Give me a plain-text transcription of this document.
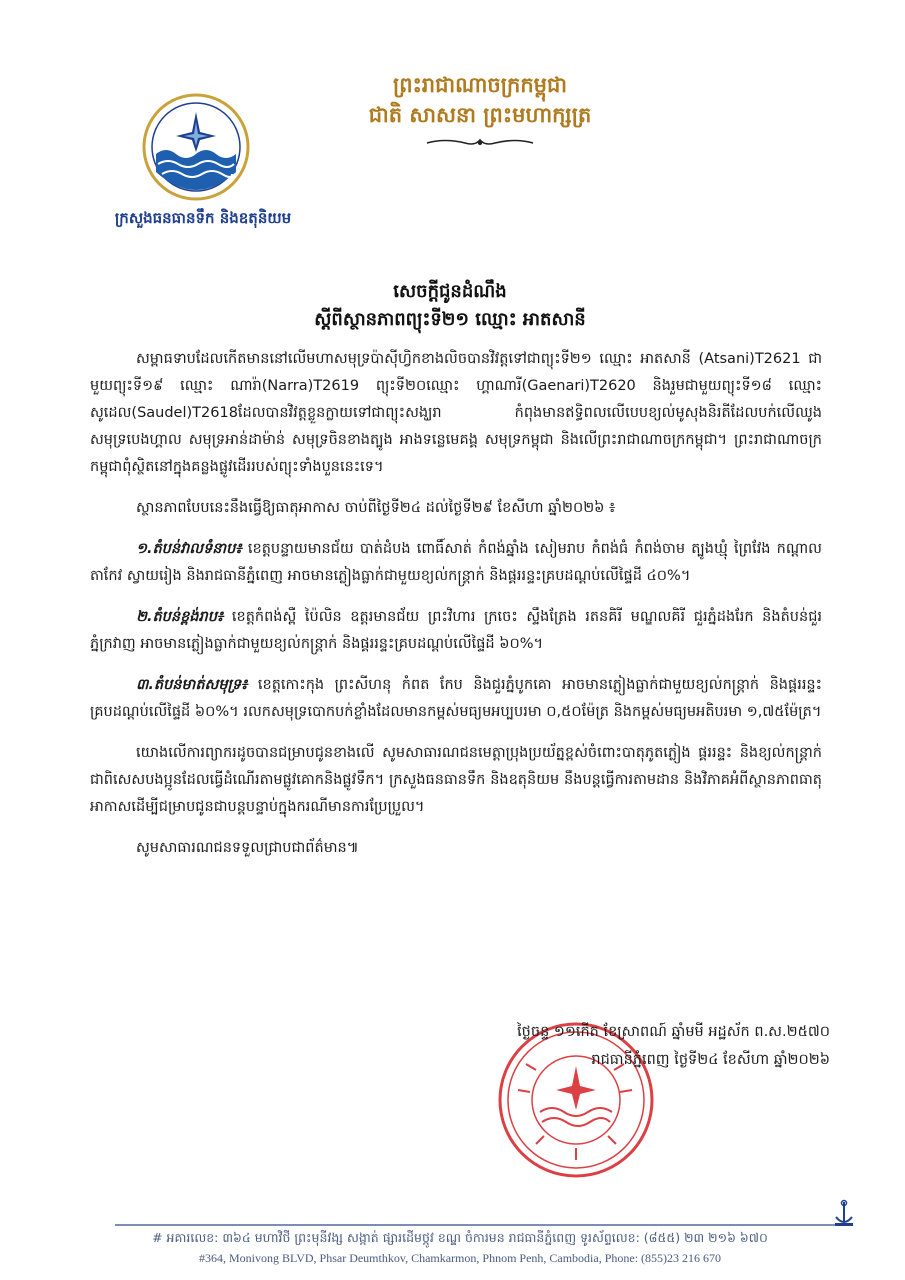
ក្រសួងធនធានទឹក និងឧតុនិយម
ព្រះរាជាណាចក្រកម្ពុជា
ជាតិ សាសនា ព្រះមហាក្សត្រ
សេចក្តីជូនដំណឹង
ស្តីពីស្ថានភាពព្យុះទី២១ ឈ្មោះ អាតសានី

សម្ពាធទាបដែលកើតមាននៅលើមហាសមុទ្រប៉ាស៊ីហ្វិកខាងលិចបានវិវត្តទៅជាព្យុះទី២១ ឈ្មោះ អាតសានី (Atsani)T2621 ជាមួយព្យុះទី១៩ ឈ្មោះ ណារ៉ា(Narra)T2619 ព្យុះទី២០ឈ្មោះ ហ្គាណារី(Gaenari)T2620 និងរួមជាមួយព្យុះទី១៨ ឈ្មោះ សូដេល(Saudel)T2618ដែលបានវិវត្តខ្លួនក្លាយទៅជាព្យុះសង្ឃរា កំពុងមានឥទ្ធិពលលើបេបខ្យល់មូសុងនិរតីដែលបក់លើឈូងសមុទ្របេងហ្គាល សមុទ្រអាន់ដាម៉ាន់ សមុទ្រចិនខាងត្បូង អាងទន្លេមេគង្គ សមុទ្រកម្ពុជា និងលើព្រះរាជាណាចក្រកម្ពុជា។ ព្រះរាជាណាចក្រកម្ពុជាពុំស្ថិតនៅក្នុងគន្លងផ្លូវដើររបស់ព្យុះទាំងបួននេះទេ។

ស្ថានភាពបែបនេះនឹងធ្វើឱ្យធាតុអាកាស ចាប់ពីថ្ងៃទី២៤ ដល់ថ្ងៃទី២៩ ខែសីហា ឆ្នាំ២០២៦ ៖

១.តំបន់វាលទំនាប៖ ខេត្តបន្ទាយមានជ័យ បាត់ដំបង ពោធិ៍សាត់ កំពង់ឆ្នាំង សៀមរាប កំពង់ធំ កំពង់ចាម ត្បូងឃ្មុំ ព្រៃវែង កណ្តាល តាកែវ ស្វាយរៀង និងរាជធានីភ្នំពេញ អាចមានភ្លៀងធ្លាក់ជាមួយខ្យល់កន្ត្រាក់ និងផ្គររន្ទះគ្របដណ្តប់លើផ្ទៃដី ៤០%។

២.តំបន់ខ្ពង់រាប៖ ខេត្តកំពង់ស្ពឺ ប៉ៃលិន ឧត្តរមានជ័យ ព្រះវិហារ ក្រចេះ ស្ទឹងត្រែង រតនគិរី មណ្ឌលគិរី ជួរភ្នំដងរែក និងតំបន់ជួរភ្នំក្រវាញ អាចមានភ្លៀងធ្លាក់ជាមួយខ្យល់កន្ត្រាក់ និងផ្គររន្ទះគ្របដណ្តប់លើផ្ទៃដី ៦០%។

៣.តំបន់មាត់សមុទ្រ៖ ខេត្តកោះកុង ព្រះសីហនុ កំពត កែប និងជួរភ្នំបូកគោ អាចមានភ្លៀងធ្លាក់ជាមួយខ្យល់កន្ត្រាក់ និងផ្គររន្ទះគ្របដណ្តប់លើផ្ទៃដី ៦០%។ រលកសមុទ្របោកបក់ខ្លាំងដែលមានកម្ពស់មធ្យមអប្បបរមា ០,៥០ម៉ែត្រ និងកម្ពស់មធ្យមអតិបរមា ១,៧៥ម៉ែត្រ។

យោងលើការព្យាករដូចបានជម្រាបជូនខាងលើ សូមសាធារណជនមេត្តាប្រុងប្រយ័ត្នខ្ពស់ចំពោះបាតុភូតភ្លៀង ផ្គររន្ទះ និងខ្យល់កន្ត្រាក់ ជាពិសេសបងប្អូនដែលធ្វើដំណើរតាមផ្លូវគោកនិងផ្លូវទឹក។ ក្រសួងធនធានទឹក និងឧតុនិយម នឹងបន្តធ្វើការតាមដាន និងវិភាគអំពីស្ថានភាពធាតុអាកាសដើម្បីជម្រាបជូនជាបន្តបន្ទាប់ក្នុងករណីមានការប្រែប្រួល។

សូមសាធារណជនទទួលជ្រាបជាព័ត៌មាន៕

ថ្ងៃចន្ទ ១១កើត ខែស្រាពណ៍ ឆ្នាំមមី អដ្ឋស័ក ព.ស.២៥៧០
រាជធានីភ្នំពេញ ថ្ងៃទី២៤ ខែសីហា ឆ្នាំ២០២៦
# អគារលេខ: ៣៦៤ មហាវិថី ព្រះមុនីវង្ស សង្កាត់ ផ្សារដើមថ្កូវ ខណ្ឌ ចំការមន រាជធានីភ្នំពេញ ទូរស័ព្ទលេខ: (៨៥៥) ២៣ ២១៦ ៦៧០
#364, Monivong BLVD, Phsar Deumthkov, Chamkarmon, Phnom Penh, Cambodia, Phone: (855)23 216 670
